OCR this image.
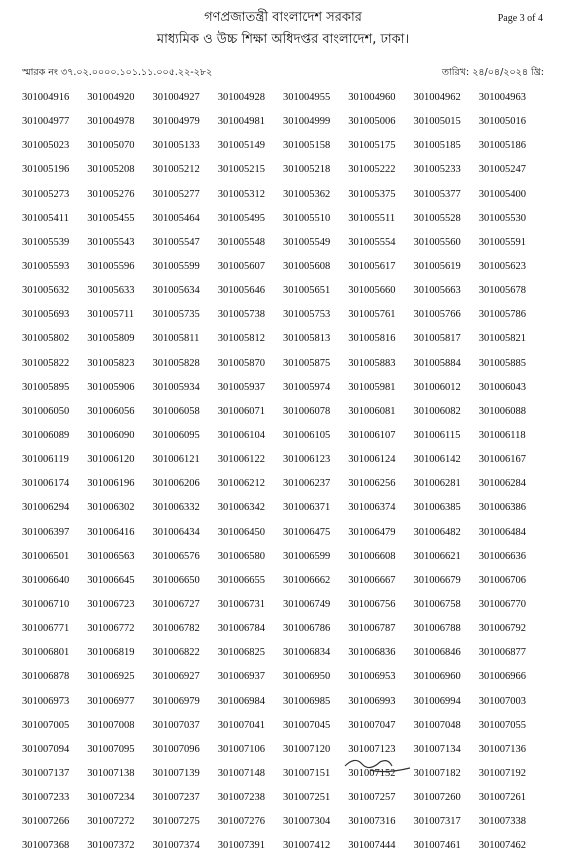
গণপ্রজাতন্ত্রী বাংলাদেশ সরকার
মাধ্যমিক ও উচ্চ শিক্ষা অধিদপ্তর বাংলাদেশ, ঢাকা।
Page 3 of 4
স্মারক নং ৩৭.০২.০০০০.১০১.১১.০০৫.২২-২৮২	তারিখ: ২৪/০৪/২০২৪ খ্রি:
301004916	301004920	301004927	301004928	301004955	301004960	301004962	301004963
301004977	301004978	301004979	301004981	301004999	301005006	301005015	301005016
301005023	301005070	301005133	301005149	301005158	301005175	301005185	301005186
301005196	301005208	301005212	301005215	301005218	301005222	301005233	301005247
301005273	301005276	301005277	301005312	301005362	301005375	301005377	301005400
301005411	301005455	301005464	301005495	301005510	301005511	301005528	301005530
301005539	301005543	301005547	301005548	301005549	301005554	301005560	301005591
301005593	301005596	301005599	301005607	301005608	301005617	301005619	301005623
301005632	301005633	301005634	301005646	301005651	301005660	301005663	301005678
301005693	301005711	301005735	301005738	301005753	301005761	301005766	301005786
301005802	301005809	301005811	301005812	301005813	301005816	301005817	301005821
301005822	301005823	301005828	301005870	301005875	301005883	301005884	301005885
301005895	301005906	301005934	301005937	301005974	301005981	301006012	301006043
301006050	301006056	301006058	301006071	301006078	301006081	301006082	301006088
301006089	301006090	301006095	301006104	301006105	301006107	301006115	301006118
301006119	301006120	301006121	301006122	301006123	301006124	301006142	301006167
301006174	301006196	301006206	301006212	301006237	301006256	301006281	301006284
301006294	301006302	301006332	301006342	301006371	301006374	301006385	301006386
301006397	301006416	301006434	301006450	301006475	301006479	301006482	301006484
301006501	301006563	301006576	301006580	301006599	301006608	301006621	301006636
301006640	301006645	301006650	301006655	301006662	301006667	301006679	301006706
301006710	301006723	301006727	301006731	301006749	301006756	301006758	301006770
301006771	301006772	301006782	301006784	301006786	301006787	301006788	301006792
301006801	301006819	301006822	301006825	301006834	301006836	301006846	301006877
301006878	301006925	301006927	301006937	301006950	301006953	301006960	301006966
301006973	301006977	301006979	301006984	301006985	301006993	301006994	301007003
301007005	301007008	301007037	301007041	301007045	301007047	301007048	301007055
301007094	301007095	301007096	301007106	301007120	301007123	301007134	301007136
301007137	301007138	301007139	301007148	301007151	301007152	301007182	301007192
301007233	301007234	301007237	301007238	301007251	301007257	301007260	301007261
301007266	301007272	301007275	301007276	301007304	301007316	301007317	301007338
301007368	301007372	301007374	301007391	301007412	301007444	301007461	301007462
